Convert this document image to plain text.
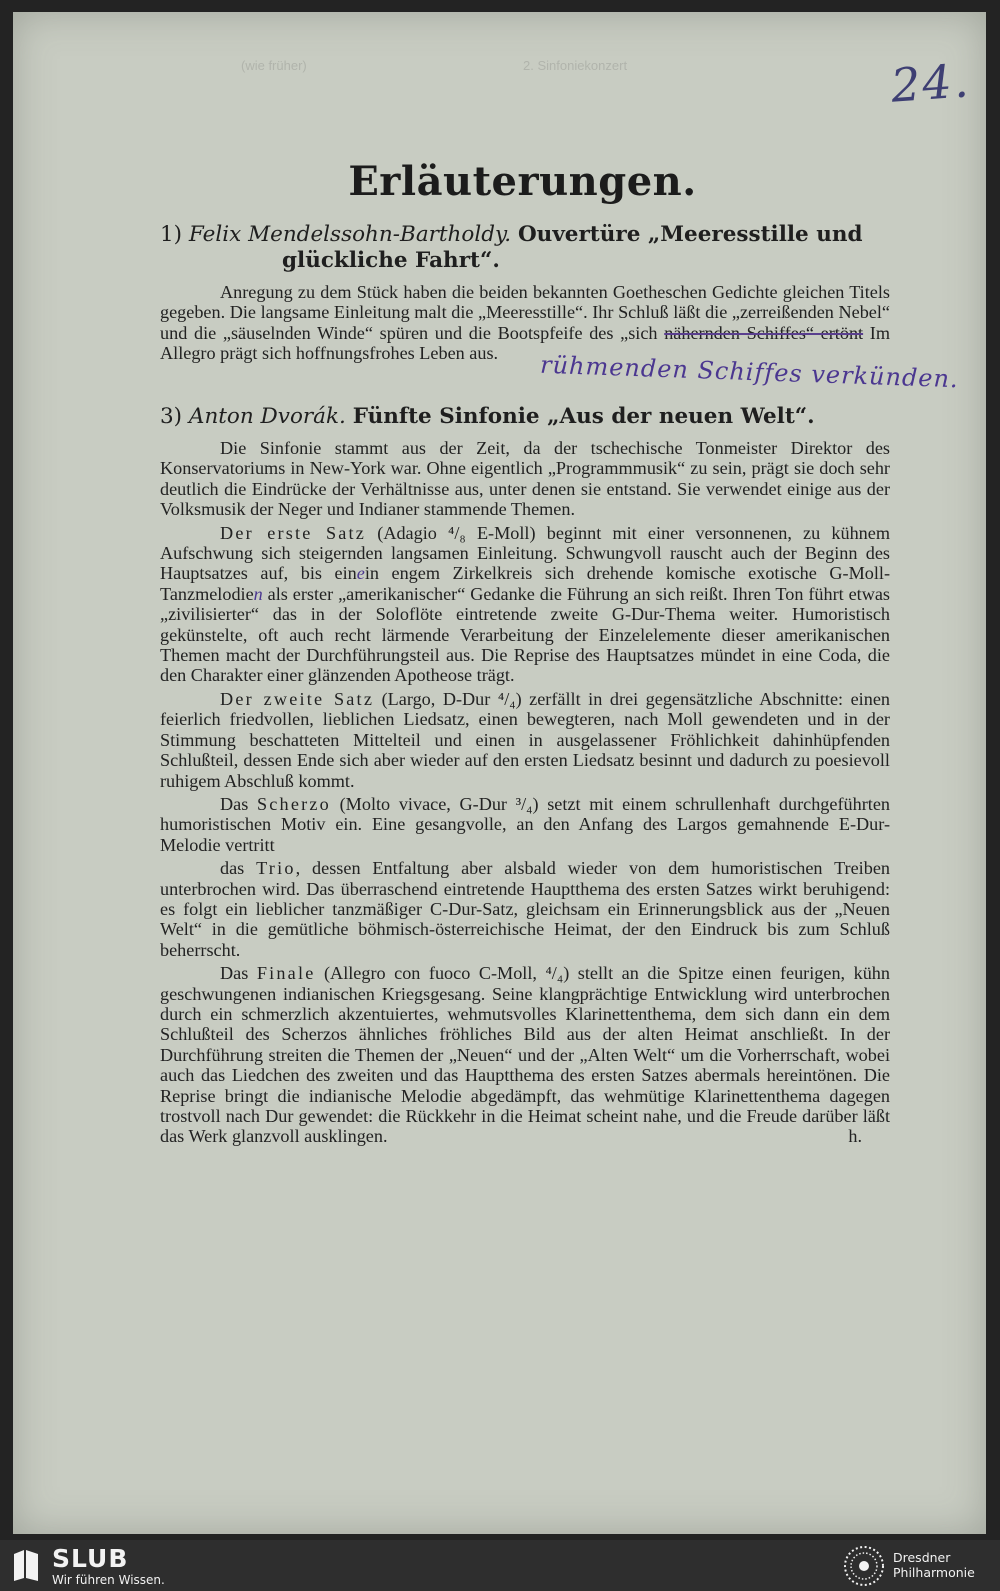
(wie früher)	2. Sinfoniekonzert	24.
Erläuterungen.
1) Felix Mendelssohn-Bartholdy. Ouvertüre „Meeresstille und
glückliche Fahrt“.

Anregung zu dem Stück haben die beiden bekannten Goetheschen Gedichte gleichen Titels gegeben. Die langsame Einleitung malt die „Meeresstille“. Ihr Schluß läßt die „zerreißenden Nebel“ und die „säuselnden Winde“ spüren und die Bootspfeife des „sich nähernden Schiffes“ ertönt Im Allegro prägt sich hoffnungsfrohes Leben aus.	rühmenden Schiffes verkünden.
3) Anton Dvorák. Fünfte Sinfonie „Aus der neuen Welt“.

Die Sinfonie stammt aus der Zeit, da der tschechische Tonmeister Direktor des Konservatoriums in New-York war. Ohne eigentlich „Programmmusik“ zu sein, prägt sie doch sehr deutlich die Eindrücke der Verhältnisse aus, unter denen sie entstand. Sie verwendet einige aus der Volksmusik der Neger und Indianer stammende Themen.

Der erste Satz (Adagio ⁴/₈ E-Moll) beginnt mit einer versonnenen, zu kühnem Aufschwung sich steigernden langsamen Einleitung. Schwungvoll rauscht auch der Beginn des Hauptsatzes auf, bis einein engem Zirkelkreis sich drehende komische exotische G-Moll-Tanzmelodien als erster „amerikanischer“ Gedanke die Führung an sich reißt. Ihren Ton führt etwas „zivilisierter“ das in der Soloflöte eintretende zweite G-Dur-Thema weiter. Humoristisch gekünstelte, oft auch recht lärmende Verarbeitung der Einzelelemente dieser amerikanischen Themen macht der Durchführungsteil aus. Die Reprise des Hauptsatzes mündet in eine Coda, die den Charakter einer glänzenden Apotheose trägt.

Der zweite Satz (Largo, D-Dur ⁴/₄) zerfällt in drei gegensätzliche Abschnitte: einen feierlich friedvollen, lieblichen Liedsatz, einen bewegteren, nach Moll gewendeten und in der Stimmung beschatteten Mittelteil und einen in ausgelassener Fröhlichkeit dahinhüpfenden Schlußteil, dessen Ende sich aber wieder auf den ersten Liedsatz besinnt und dadurch zu poesievoll ruhigem Abschluß kommt.

Das Scherzo (Molto vivace, G-Dur ³/₄) setzt mit einem schrullenhaft durchgeführten humoristischen Motiv ein. Eine gesangvolle, an den Anfang des Largos gemahnende E-Dur-Melodie vertritt

das Trio, dessen Entfaltung aber alsbald wieder von dem humoristischen Treiben unterbrochen wird. Das überraschend eintretende Hauptthema des ersten Satzes wirkt beruhigend: es folgt ein lieblicher tanzmäßiger C-Dur-Satz, gleichsam ein Erinnerungsblick aus der „Neuen Welt“ in die gemütliche böhmisch-österreichische Heimat, der den Eindruck bis zum Schluß beherrscht.

Das Finale (Allegro con fuoco C-Moll, ⁴/₄) stellt an die Spitze einen feurigen, kühn geschwungenen indianischen Kriegsgesang. Seine klangprächtige Entwicklung wird unterbrochen durch ein schmerzlich akzentuiertes, wehmutsvolles Klarinettenthema, dem sich dann ein dem Schlußteil des Scherzos ähnliches fröhliches Bild aus der alten Heimat anschließt. In der Durchführung streiten die Themen der „Neuen“ und der „Alten Welt“ um die Vorherrschaft, wobei auch das Liedchen des zweiten und das Hauptthema des ersten Satzes abermals hereintönen. Die Reprise bringt die indianische Melodie abgedämpft, das wehmütige Klarinettenthema dagegen trostvoll nach Dur gewendet: die Rückkehr in die Heimat scheint nahe, und die Freude darüber läßt das Werk glanzvoll ausklingen.	h.

SLUB
Wir führen Wissen.
Dresdner
Philharmonie
